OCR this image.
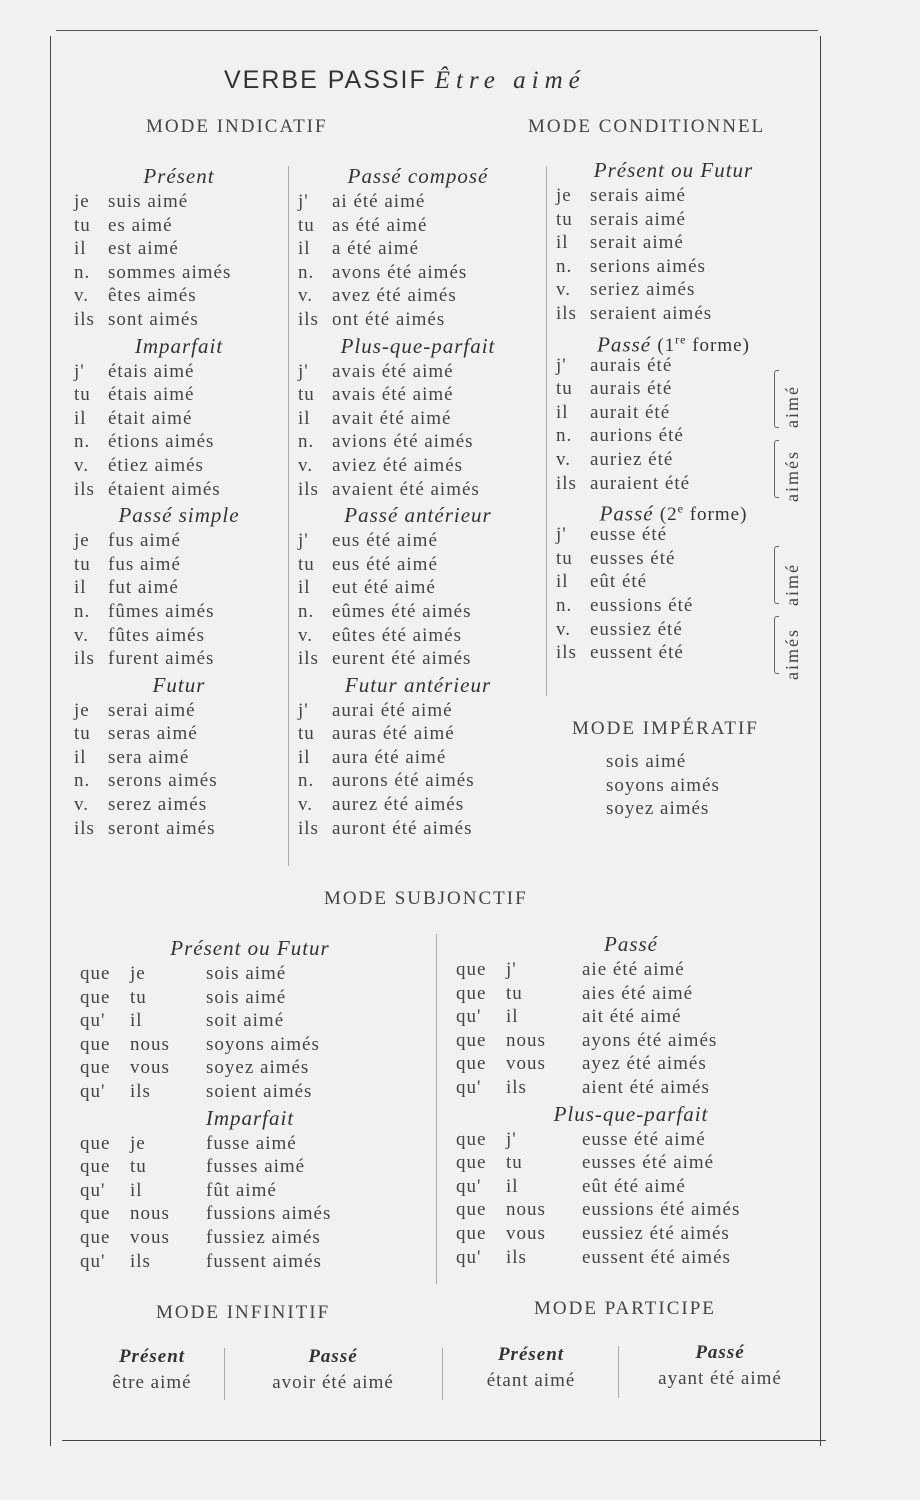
VERBE PASSIF Être aimé
MODE INDICATIF	MODE CONDITIONNEL
Présent
je suis aimé
tu es aimé
il est aimé
n. sommes aimés
v. êtes aimés
ils sont aimés
Imparfait
j' étais aimé
tu étais aimé
il était aimé
n. étions aimés
v. étiez aimés
ils étaient aimés
Passé simple
je fus aimé
tu fus aimé
il fut aimé
n. fûmes aimés
v. fûtes aimés
ils furent aimés
Futur
je serai aimé
tu seras aimé
il sera aimé
n. serons aimés
v. serez aimés
ils seront aimés
Passé composé
j' ai été aimé
tu as été aimé
il a été aimé
n. avons été aimés
v. avez été aimés
ils ont été aimés
Plus-que-parfait
j' avais été aimé
tu avais été aimé
il avait été aimé
n. avions été aimés
v. aviez été aimés
ils avaient été aimés
Passé antérieur
j' eus été aimé
tu eus été aimé
il eut été aimé
n. eûmes été aimés
v. eûtes été aimés
ils eurent été aimés
Futur antérieur
j' aurai été aimé
tu auras été aimé
il aura été aimé
n. aurons été aimés
v. aurez été aimés
ils auront été aimés
Présent ou Futur
je serais aimé
tu serais aimé
il serait aimé
n. serions aimés
v. seriez aimés
ils seraient aimés
Passé (1re forme)
j' aurais été
tu aurais été
il aurait été
n. aurions été
v. auriez été
ils auraient été
Passé (2e forme)
j' eusse été
tu eusses été
il eût été
n. eussions été
v. eussiez été
ils eussent été
aimé
aimés
aimé
aimés
MODE IMPÉRATIF
sois aimé
soyons aimés
soyez aimés
MODE SUBJONCTIF
Présent ou Futur
que je	sois aimé
que tu	sois aimé
qu' il	soit aimé
que nous soyons aimés
que vous soyez aimés
qu' ils	soient aimés
Imparfait
que je	fusse aimé
que tu	fusses aimé
qu' il	fût aimé
que nous fussions aimés
que vous fussiez aimés
qu' ils	fussent aimés
Passé
que j'	aie été aimé
que tu	aies été aimé
qu' il	ait été aimé
que nous ayons été aimés
que vous ayez été aimés
qu' ils	aient été aimés
Plus-que-parfait
que j'	eusse été aimé
que tu	eusses été aimé
qu' il	eût été aimé
que nous eussions été aimés
que vous eussiez été aimés
qu' ils	eussent été aimés
MODE INFINITIF	MODE PARTICIPE
Présent
être aimé
Passé
avoir été aimé
Présent
étant aimé
Passé
ayant été aimé
